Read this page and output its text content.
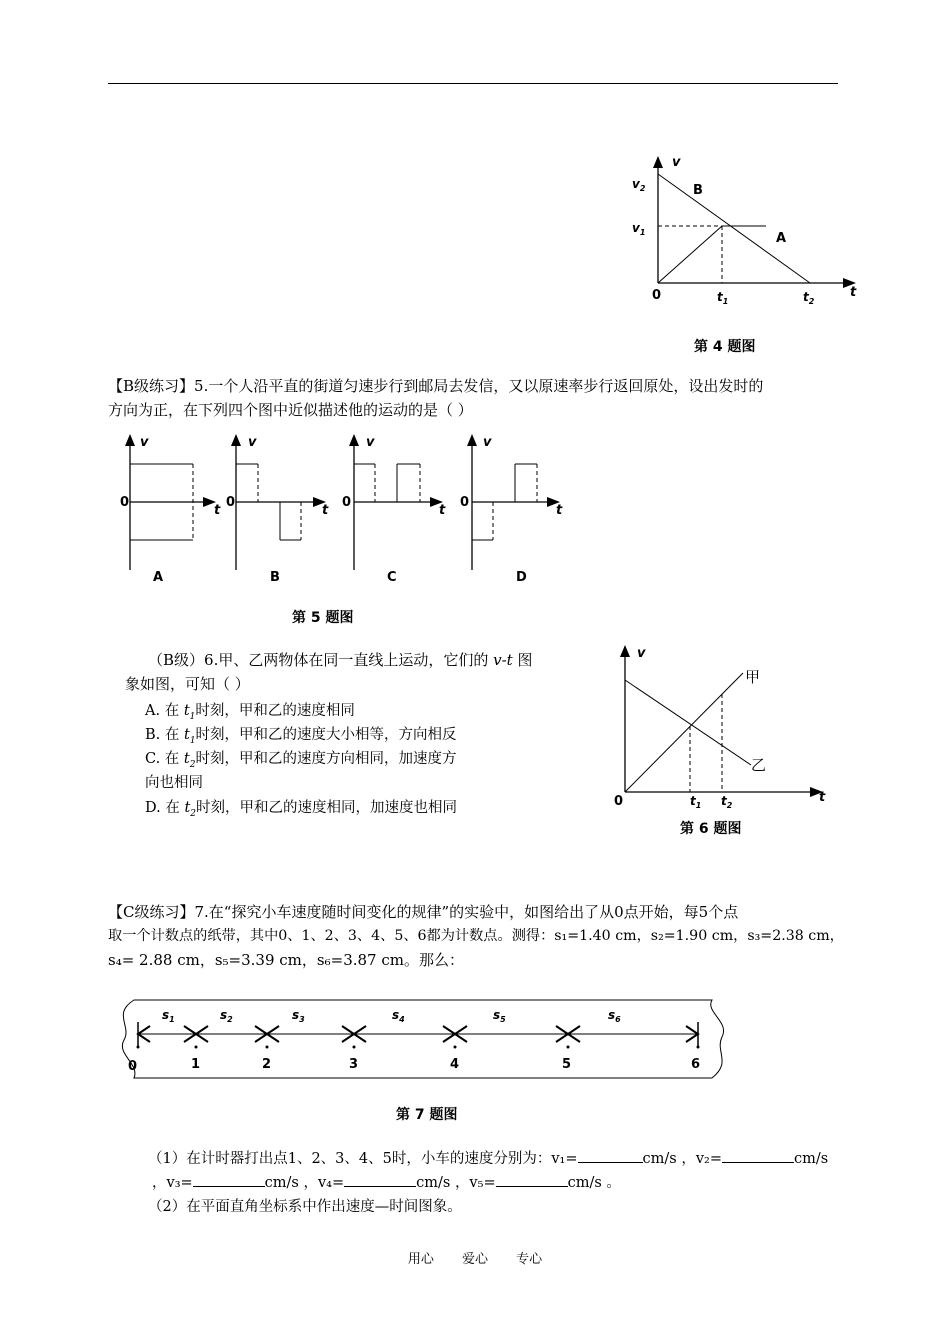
v
$v_2$
$v_1$
B
A
0	$t_1$	$t_2$
t
第 4 题图
【B级练习】5.一个人沿平直的街道匀速步行到邮局去发信，又以原速率步行返回原处，设出发时的
方向为正，在下列四个图中近似描述他的运动的是（ ）
v
0
t
A
v
0
t
B
v
0
t
C
v
0
t
D
第 5 题图
（B级）6.甲、乙两物体在同一直线上运动，它们的 v-t 图
象如图，可知（ ）
A. 在 $t_1$时刻，甲和乙的速度相同
B. 在 $t_1$时刻，甲和乙的速度大小相等，方向相反
C. 在 $t_2$时刻，甲和乙的速度方向相同，加速度方
向也相同
D. 在 $t_2$时刻，甲和乙的速度相同，加速度也相同
v
甲
乙
0	$t_1$ $t_2$
t
第 6 题图
【C级练习】7.在“探究小车速度随时间变化的规律”的实验中，如图给出了从0点开始，每5个点
取一个计数点的纸带，其中0、1、2、3、4、5、6都为计数点。测得：s₁=1.40 cm，s₂=1.90 cm，s₃=2.38 cm，
s₄= 2.88 cm，s₅=3.39 cm，s₆=3.87 cm。那么：
$s_1$	$s_2$	$s_3$	$s_4$	$s_5$	$s_6$
0	1	2	3	4	5	6
第 7 题图
（1）在计时器打出点1、2、3、4、5时，小车的速度分别为：v₁=	cm/s ，v₂=	cm/s
，v₃=	cm/s ，v₄=	cm/s ，v₅=	cm/s 。
（2）在平面直角坐标系中作出速度—时间图象。
用心 爱心 专心
